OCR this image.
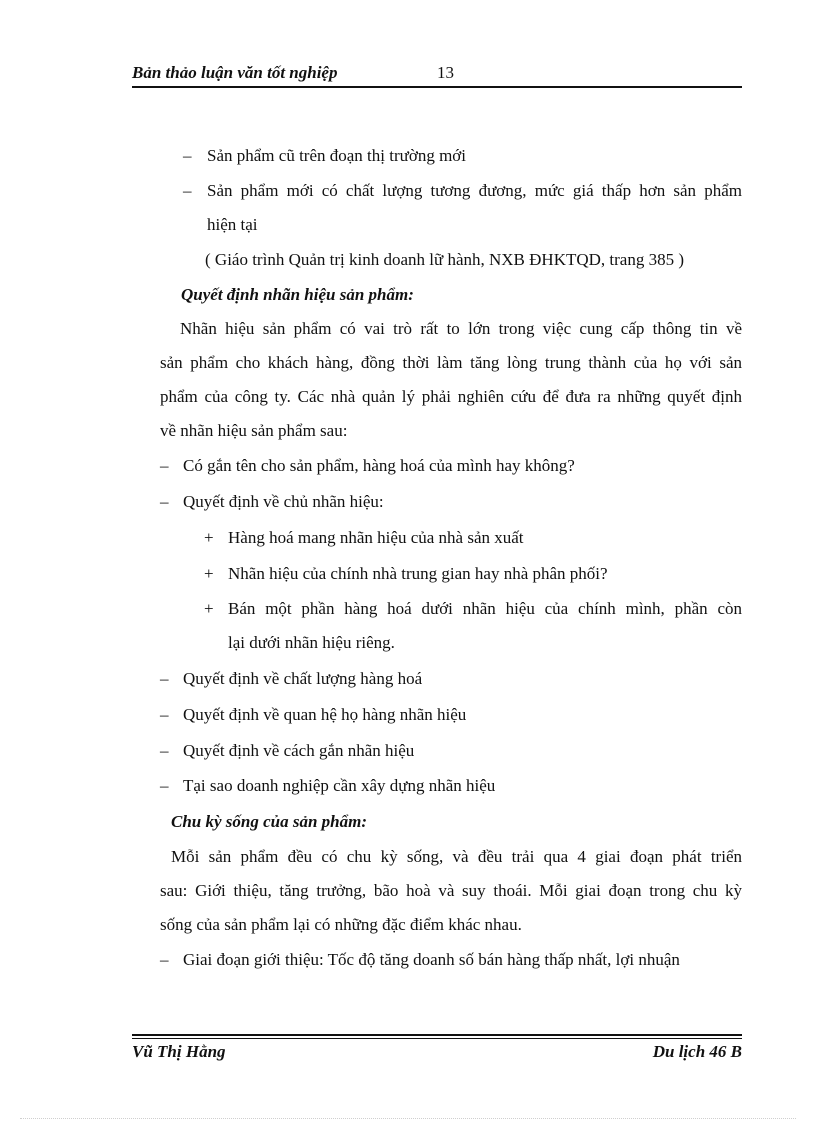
Bản thảo luận văn tốt nghiệp	13
– Sản phẩm cũ trên đoạn thị trường mới
– Sản phẩm mới có chất lượng tương đương, mức giá thấp hơn sản phẩm
hiện tại
( Giáo trình Quản trị kinh doanh lữ hành, NXB ĐHKTQD, trang 385 )
Quyết định nhãn hiệu sản phẩm:
Nhãn hiệu sản phẩm có vai trò rất to lớn trong việc cung cấp thông tin về
sản phẩm cho khách hàng, đồng thời làm tăng lòng trung thành của họ với sản
phẩm của công ty. Các nhà quản lý phải nghiên cứu để đưa ra những quyết định
về nhãn hiệu sản phẩm sau:
– Có gắn tên cho sản phẩm, hàng hoá của mình hay không?
– Quyết định về chủ nhãn hiệu:
+ Hàng hoá mang nhãn hiệu của nhà sản xuất
+ Nhãn hiệu của chính nhà trung gian hay nhà phân phối?
+ Bán một phần hàng hoá dưới nhãn hiệu của chính mình, phần còn
lại dưới nhãn hiệu riêng.
– Quyết định về chất lượng hàng hoá
– Quyết định về quan hệ họ hàng nhãn hiệu
– Quyết định về cách gắn nhãn hiệu
– Tại sao doanh nghiệp cần xây dựng nhãn hiệu
Chu kỳ sống của sản phẩm:
Mỗi sản phẩm đều có chu kỳ sống, và đều trải qua 4 giai đoạn phát triển
sau: Giới thiệu, tăng trưởng, bão hoà và suy thoái. Mỗi giai đoạn trong chu kỳ
sống của sản phẩm lại có những đặc điểm khác nhau.
– Giai đoạn giới thiệu: Tốc độ tăng doanh số bán hàng thấp nhất, lợi nhuận
Vũ Thị Hằng	Du lịch 46 B
